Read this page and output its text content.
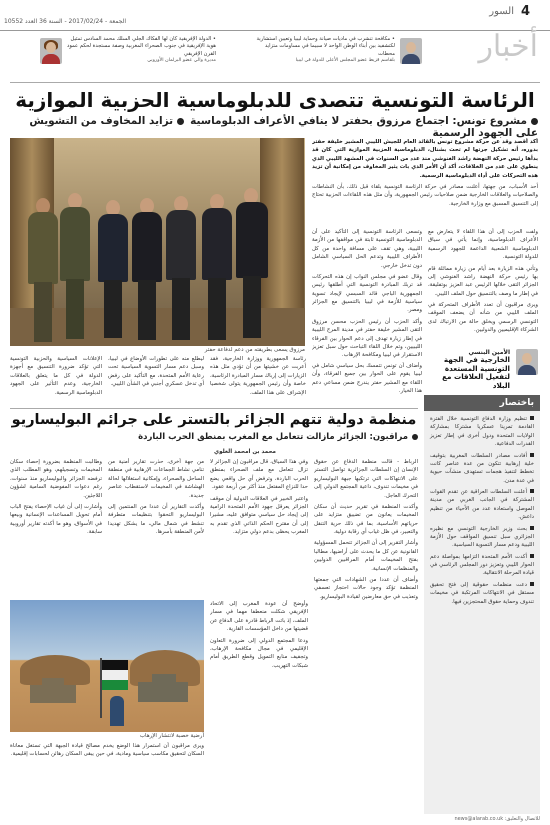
الجمعة - 2017/02/24 - السنة 36 العدد 10552
4
السور
أخبار
• مكافحة تنشرب في ماديات صيانة وحماية ليبيا وتعيين استشارية لكتشفيد بين أبناء الوطن الواحد لا سبيما في مساومات متزايد محطات
بلقاسم قزيط عضو المجلس الأعلى للدولة في ليبيا
• الدولة الإفريقية كان لها الفكاك الجلي السلك محمد السادس تمثيل هوية الإفريقية في جنوب الصحراء المغربية وصفة مستجدة لحكم عمود القرن الإفريقي
مديرة والي عضو البرلمان الأوروبي
الرئاسة التونسية تتصدى للدبلوماسية الحزبية الموازية
مشروع تونس: اجتماع مرزوق بحفتر لا ينافي الأعراف الدبلوماسيةتزايد المخاوف من التشويش على الجهود الرسمية

أكد أقصد وقد عن حركة مشروع تونس بالقائد العام للجيش الليبي المشير خليفة حفتر بدوره، أنه تشكيل جرتها لم تحت بشنال، الدبلوماسية الحزبية الموازية التي كان قد بدأها رئيس حركة النهضة راشد الغنوشي منذ عدد من السنوات في المشهد الليبي الذي ينطوي على عدد من الخلافات، أكد أن الأمر الذي بات يثير المخاوف من إمكانية أن تزيد هذه التحركات على أداء الدبلوماسية الرسمية.

أحد الأسباب، من جهتها، أعلنت مصادر في حركة الرئاسة التونسية بلقاء قبل ذلك، بأن النشاطات والصلاحيات والعلاقات الخارجية ضمن صلاحيات رئيس الجمهورية، وأن مثل هذه اللقاءات الحزبية تحتاج إلى التنسيق المسبق مع وزارة الخارجية.

وتسعى الرئاسة التونسية إلى التأكيد على أن الدبلوماسية التونسية ثابتة في مواقفها من الأزمة الليبية، وهي تقف على مسافة واحدة من كل الأطراف الليبية وتدعم الحل السياسي الشامل دون تدخل خارجي.

وقال عضو في مجلس النواب إن هذه التحركات قد تربك المبادرة التونسية التي أطلقها رئيس الجمهورية الباجي قائد السبسي لإيجاد تسوية سياسية للأزمة في ليبيا بالتنسيق مع الجزائر ومصر.

وأكد الحزب أن رئيس الحزب محسن مرزوق التقى المشير خليفة حفتر في مدينة المرج الليبية في إطار زيارة تهدف إلى دعم الحوار بين الفرقاء الليبيين، وتم خلال اللقاء التباحث حول سبل تعزيز الاستقرار في ليبيا ومكافحة الإرهاب.

ولفت الحزب إلى أن هذا اللقاء لا يتعارض مع الأعراف الدبلوماسية، وإنما يأتي في سياق الدبلوماسية الشعبية الداعمة للجهود الرسمية للدولة التونسية.

وتأتي هذه الزيارة بعد أيام من زيارة مماثلة قام بها رئيس حركة النهضة راشد الغنوشي إلى الجزائر التقى خلالها الرئيس عبد العزيز بوتفليقة، في إطار ما وصف بالتنسيق حول الملف الليبي.

ويرى مراقبون أن تعدد الأطراف المتحركة في الملف الليبي من شأنه أن يضعف الموقف التونسي الرسمي ويخلق حالة من الارتباك لدى الشركاء الإقليميين والدوليين.

مرزوق يسعى بطريقته من دعم لدفاعة حفتر

الإعلانات السياسية والحزبية التونسية التي تؤكد ضرورة التنسيق مع أجهزة الدولة في كل ما يتعلق بالعلاقات الخارجية، وعدم التأثير على الجهود الدبلوماسية الرسمية.

ليطلع منه على تطورات الأوضاع في ليبيا، وسبل دعم مسار التسوية السياسية تحت رعاية الأمم المتحدة، مع التأكيد على رفض أي تدخل عسكري أجنبي في الشأن الليبي.

رئاسة الجمهورية ووزارة الخارجية، فقد أعربت عن خشيتها من أن تؤدي مثل هذه الزيارات إلى إرباك مسار المبادرة الرئاسية، خاصة وأن رئيس الجمهورية يتولى شخصيا الإشراف على هذا الملف.

وأضاف أن تونس تتمسك بحل سياسي شامل في ليبيا يقوم على الحوار بين جميع الفرقاء، وأن اللقاء مع المشير حفتر يندرج ضمن مساعي دعم هذا الخيار.

الأمين البنسي
الخارجية في الجهة التونسية المستعدة لتفعيل العلاقات مع البلاد
باختصار

تنظيم وزارة الدفاع التونسية خلال الفترة القادمة تمرينا عسكريا مشتركا بمشاركة الولايات المتحدة ودول أخرى في إطار تعزيز القدرات الدفاعية.

أفادت مصادر السلطات المغربية بتوقيف خلية إرهابية تتكون من عدة عناصر كانت تخطط لتنفيذ هجمات تستهدف منشآت حيوية في عدة مدن.

أعلنت السلطات العراقية عن تقدم القوات المشتركة في الجانب الغربي من مدينة الموصل واستعادة عدد من الأحياء من تنظيم داعش.

بحث وزير الخارجية التونسي مع نظيره الجزائري سبل تنسيق المواقف حول الأزمة الليبية ودعم مسار التسوية السياسية.

أكدت الأمم المتحدة التزامها بمواصلة دعم الحوار الليبي وتعزيز دور المجلس الرئاسي في قيادة المرحلة الانتقالية.

دعت منظمات حقوقية إلى فتح تحقيق مستقل في الانتهاكات المرتكبة في مخيمات تندوف وحماية حقوق المحتجزين فيها.

للاتصال والتعليق: news@alarab.co.uk
منظمة دولية تتهم الجزائر بالتستر على جرائم البوليساريو
مراقبون: الجزائر مازالت تتعامل مع المغرب بمنطق الحرب الباردة
محمد بن امحمد العلوي

الرباط - قالت منظمة الدفاع عن حقوق الإنسان إن السلطات الجزائرية تواصل التستر على الانتهاكات التي ترتكبها جبهة البوليساريو في مخيمات تندوف، داعية المجتمع الدولي إلى التحرك العاجل.

وأكدت المنظمة في تقرير حديث أن سكان المخيمات يعانون من تضييق متزايد على حرياتهم الأساسية، بما في ذلك حرية التنقل والتعبير، في ظل غياب أي رقابة دولية.

وأشار التقرير إلى أن الجزائر تتحمل المسؤولية القانونية عن كل ما يحدث على أراضيها، مطالبا بفتح المخيمات أمام المراقبين الدوليين والمنظمات الإنسانية.

وأضاف أن عددا من الشهادات التي جمعتها المنظمة تؤكد وجود حالات احتجاز تعسفي وتعذيب في حق معارضين لقيادة البوليساريو.

وفي هذا السياق، قال مراقبون إن الجزائر لا تزال تتعامل مع ملف الصحراء بمنطق الحرب الباردة، وترفض أي حل واقعي يضع حدا للنزاع المفتعل منذ أكثر من أربعة عقود.

واعتبر الخبير في العلاقات الدولية أن موقف الجزائر يعرقل جهود الأمم المتحدة الرامية إلى إيجاد حل سياسي متوافق عليه، مشيرا إلى أن مقترح الحكم الذاتي الذي تقدم به المغرب يحظى بدعم دولي متزايد.

وأوضح أن عودة المغرب إلى الاتحاد الإفريقي شكلت منعطفا مهما في مسار الملف، إذ باتت الرباط قادرة على الدفاع عن قضيتها من داخل المؤسسات القارية.

ودعا المجتمع الدولي إلى ضرورة التعاون الإقليمي في مجال مكافحة الإرهاب، وتجفيف منابع التمويل وقطع الطريق أمام شبكات التهريب.

من جهة أخرى، حذرت تقارير أمنية من تنامي نشاط الجماعات الإرهابية في منطقة الساحل والصحراء، وإمكانية استغلالها لحالة الهشاشة في المخيمات لاستقطاب عناصر جديدة.

وأكدت التقارير أن عددا من المنتمين إلى البوليساريو التحقوا بتنظيمات متطرفة تنشط في شمال مالي، ما يشكل تهديدا لأمن المنطقة بأسرها.

وطالبت المنظمة بضرورة إحصاء سكان المخيمات وتسجيلهم، وهو المطلب الذي ترفضه الجزائر والبوليساريو منذ سنوات، رغم دعوات المفوضية السامية لشؤون اللاجئين.

وأشارت إلى أن غياب الإحصاء يفتح الباب أمام تحويل المساعدات الإنسانية وبيعها في الأسواق، وهو ما أكدته تقارير أوروبية سابقة.

أرضية خصبة لانتشار الإرهاب

ويرى مراقبون أن استمرار هذا الوضع يخدم مصالح قيادة الجبهة التي تستغل معاناة السكان لتحقيق مكاسب سياسية ومادية، في حين يبقى السكان رهائن لحسابات إقليمية.
